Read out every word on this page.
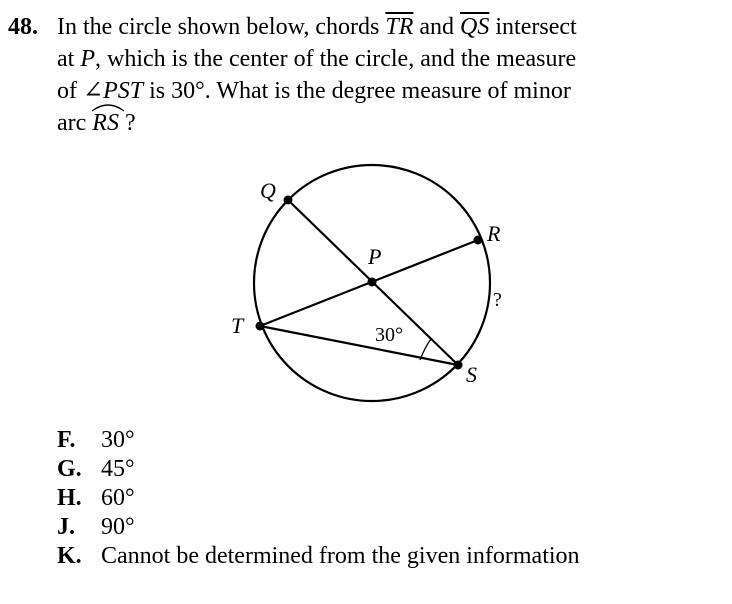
48. In the circle shown below, chords $\overline{TR}$ and $\overline{QS}$ intersect
at P, which is the center of the circle, and the measure
of ∠PST is 30°. What is the degree measure of minor
arc
RS ?
Q
R
P
T
S
30°
?
F. 30°
G. 45°
H. 60°
J. 90°
K. Cannot be determined from the given information
